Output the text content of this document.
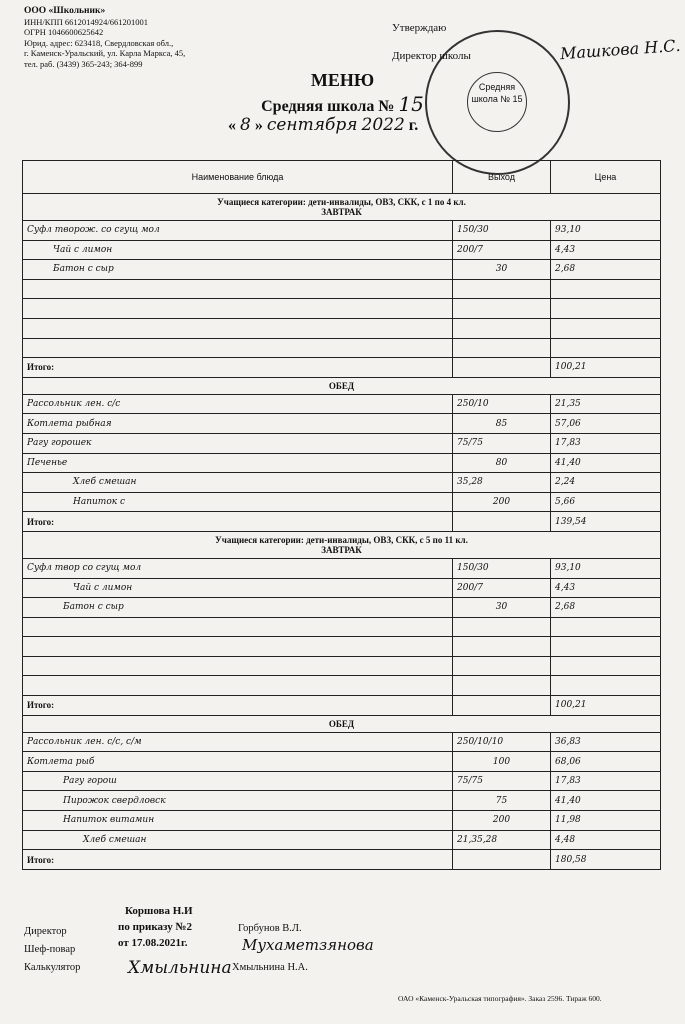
ООО «Школьник»
ИНН/КПП 6612014924/661201001
ОГРН 1046600625642
Юрид. адрес: 623418, Свердловская обл.,
г. Каменск-Уральский, ул. Карла Маркса, 45,
тел. раб. (3439) 365-243; 364-899
Средняя школа № 15
Утверждаю
Директор школы	Машкова Н.С.
МЕНЮ
Средняя школа № 15
« 8 » сентября 2022 г.
Наименование блюда	Выход	Цена

Учащиеся категории: дети-инвалиды, ОВЗ, СКК, с 1 по 4 кл.
ЗАВТРАК		

Суфл творож. со сгущ мол	150/30	93,10
Чай с лимон	200/7	4,43
Батон с сыр	30	2,68

Итого:		100,21
ОБЕД		
Рассольник лен. с/с	250/10	21,35
Котлета рыбная	85	57,06
Рагу горошек	75/75	17,83
Печенье	80	41,40
Хлеб смешан	35,28	2,24
Напиток с	200	5,66
Итого:		139,54

Учащиеся категории: дети-инвалиды, ОВЗ, СКК, с 5 по 11 кл.
ЗАВТРАК		

Суфл твор со сгущ мол	150/30	93,10
Чай с лимон	200/7	4,43
Батон с сыр	30	2,68

Итого:		100,21
ОБЕД		
Рассольник лен. с/с, с/м	250/10/10	36,83
Котлета рыб	100	68,06
Рагу горош	75/75	17,83
Пирожок свердловск	75	41,40
Напиток витамин	200	11,98
Хлеб смешан	21,35,28	4,48
Итого:		180,58
Коршова Н.И
по приказу №2
от 17.08.2021г.
Директор	Горбунов В.Л.
Шеф-повар	Мухаметзянова
Калькулятор	Хмыльнина Хмыльнина Н.А.
ОАО «Каменск-Уральская типография». Заказ 2596. Тираж 600.
